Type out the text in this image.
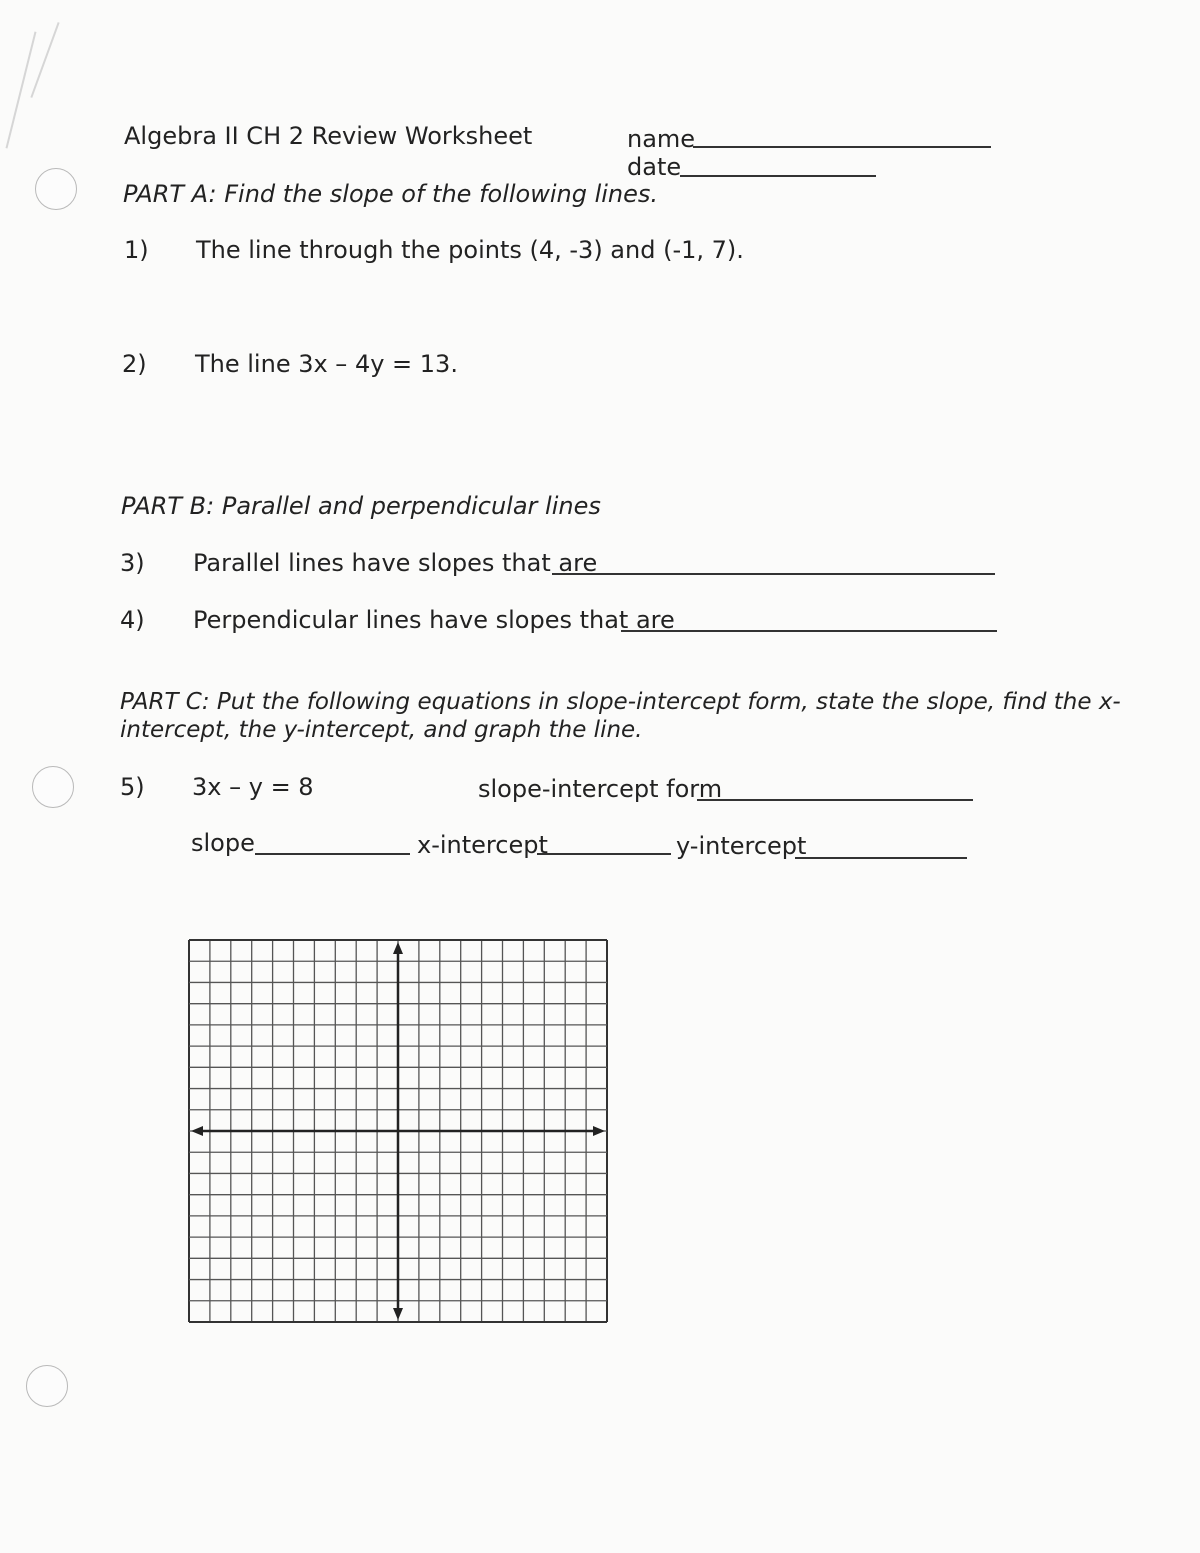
Algebra II CH 2 Review Worksheet	name
date
PART A: Find the slope of the following lines.
1) The line through the points (4, -3) and (-1, 7).
2) The line 3x – 4y = 13.
PART B: Parallel and perpendicular lines
3) Parallel lines have slopes that are
4) Perpendicular lines have slopes that are
PART C: Put the following equations in slope-intercept form, state the slope, find the x-
intercept, the y-intercept, and graph the line.
5) 3x – y = 8	slope-intercept form
slope	x-intercept	y-intercept
